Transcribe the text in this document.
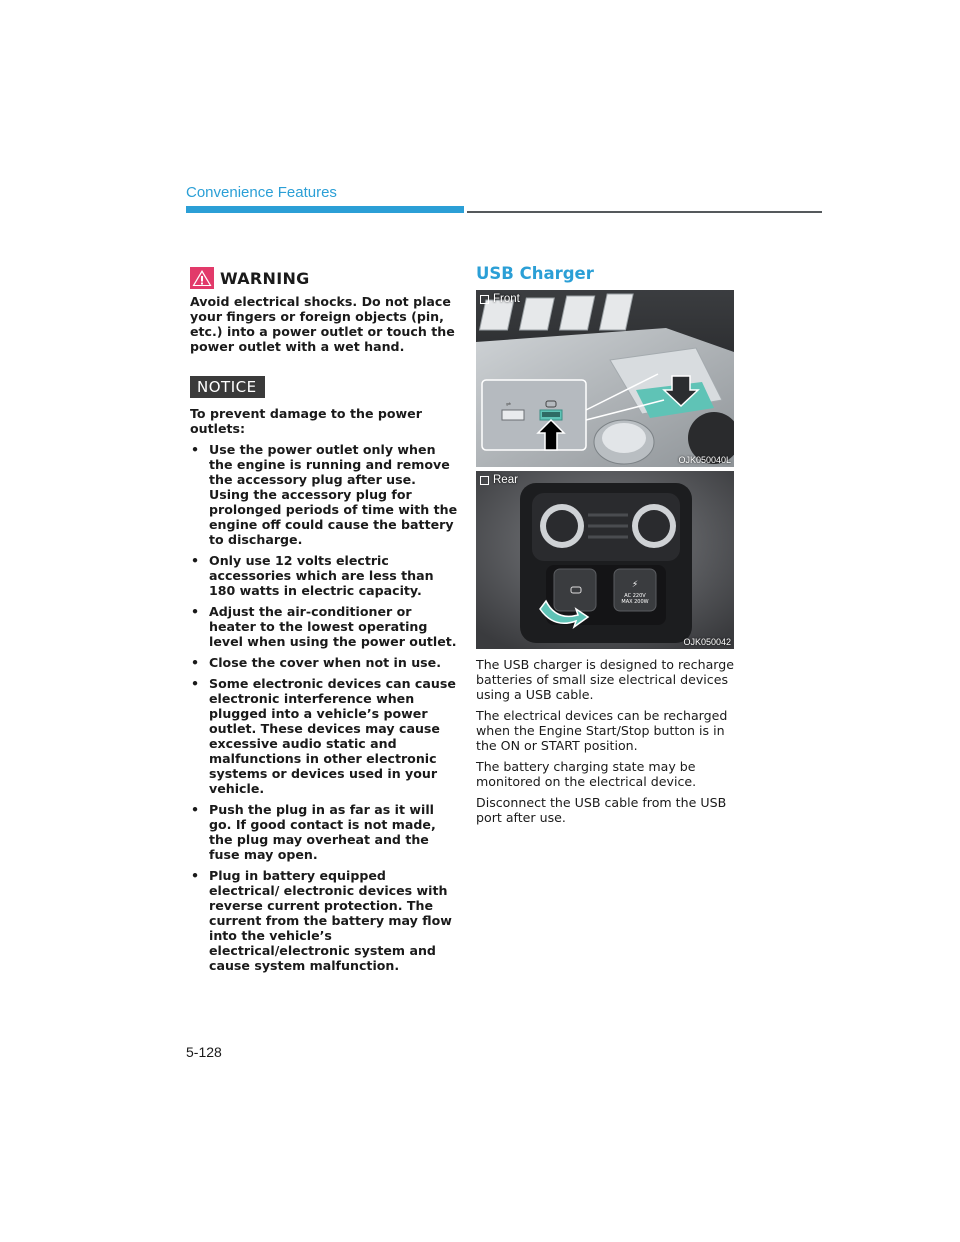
Convenience Features
WARNING
Avoid electrical shocks. Do not place your fingers or foreign objects (pin, etc.) into a power outlet or touch the power outlet with a wet hand.
NOTICE
To prevent damage to the power outlets:
• Use the power outlet only when the engine is running and remove the accessory plug after use. Using the accessory plug for prolonged periods of time with the engine off could cause the battery to discharge.
• Only use 12 volts electric accessories which are less than 180 watts in electric capacity.
• Adjust the air-conditioner or heater to the lowest operating level when using the power outlet.
• Close the cover when not in use.
• Some electronic devices can cause electronic interference when plugged into a vehicle’s power outlet. These devices may cause excessive audio static and malfunctions in other electronic systems or devices used in your vehicle.
• Push the plug in as far as it will go. If good contact is not made, the plug may overheat and the fuse may open.
• Plug in battery equipped electrical/ electronic devices with reverse current protection. The current from the battery may flow into the vehicle’s electrical/electronic system and cause system malfunction.
USB Charger
⇌
Front
OJK050040L
⚡
AC 220V
MAX 200W
Rear
OJK050042

The USB charger is designed to recharge batteries of small size electrical devices using a USB cable.

The electrical devices can be recharged when the Engine Start/Stop button is in the ON or START position.

The battery charging state may be monitored on the electrical device.

Disconnect the USB cable from the USB port after use.

5-128
